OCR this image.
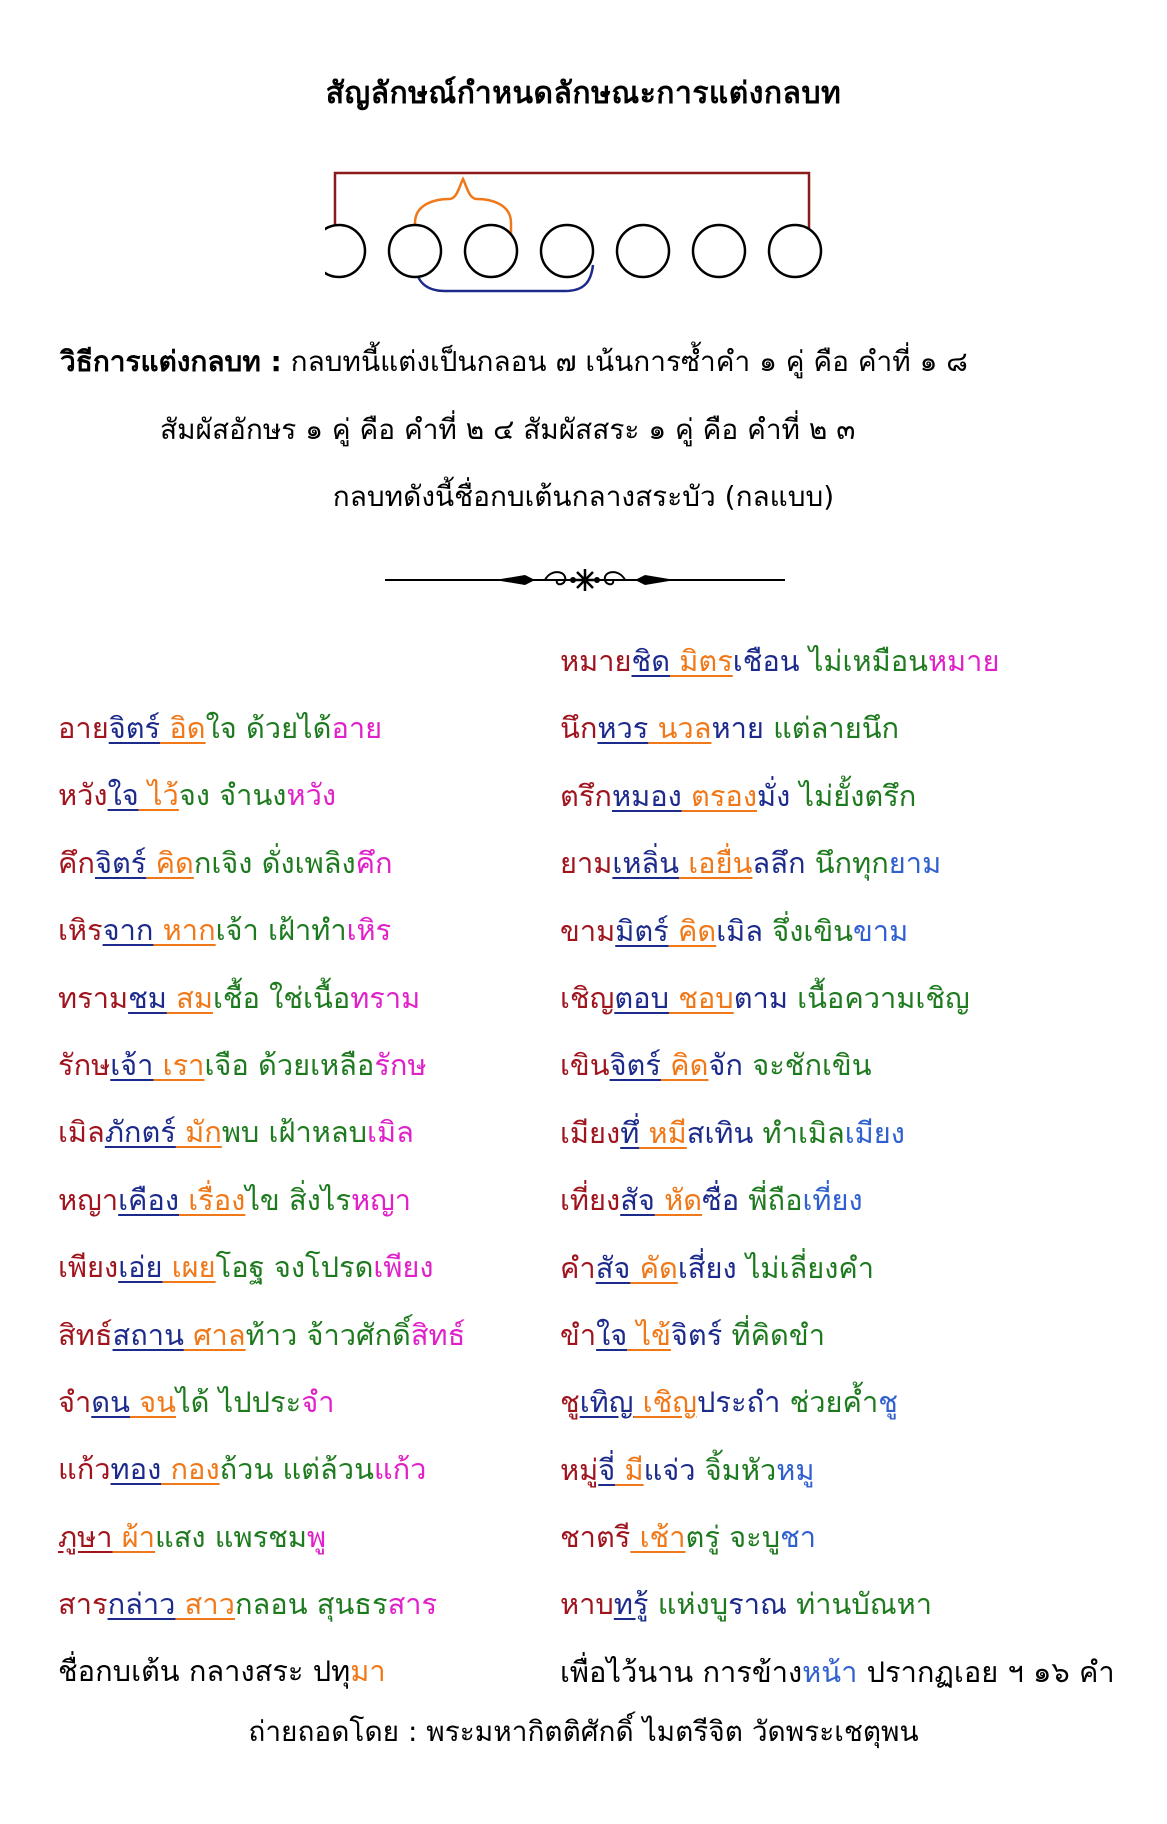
สัญลักษณ์กำหนดลักษณะการแต่งกลบท
วิธีการแต่งกลบท : กลบทนี้แต่งเป็นกลอน ๗ เน้นการซ้ำคำ ๑ คู่ คือ คำที่ ๑ ๘
สัมผัสอักษร ๑ คู่ คือ คำที่ ๒ ๔ สัมผัสสระ ๑ คู่ คือ คำที่ ๒ ๓
กลบทดังนี้ชื่อกบเต้นกลางสระบัว (กลแบบ)
อายจิตร์ อิดใจ ด้วยได้อาย
หวังใจ ไว้จง จำนงหวัง
คึกจิตร์ คิดกเจิง ดั่งเพลิงคึก
เหิรจาก หากเจ้า เฝ้าทำเหิร
ทรามชม สมเชื้อ ใช่เนื้อทราม
รักษเจ้า เราเจือ ด้วยเหลือรักษ
เมิลภักตร์ มักพบ เฝ้าหลบเมิล
หญาเคือง เรื่องไข สิ่งไรหญา
เพียงเอ่ย เผยโอฐ จงโปรดเพียง
สิทธ์สถาน ศาลท้าว จ้าวศักดิ์สิทธ์
จำดน จนได้ ไปประจำ
แก้วทอง กองถ้วน แต่ล้วนแก้ว
ภูษา ผ้าแสง แพรชมพู
สารกล่าว สาวกลอน สุนธรสาร
ชื่อกบเต้น กลางสระ ปทุมา
หมายชิด มิตรเชือน ไม่เหมือนหมาย
นึกหวร นวลหาย แต่ลายนึก
ตรึกหมอง ตรองมั่ง ไม่ยั้งตรึก
ยามเหลิ่น เอยื่นลลึก นึกทุกยาม
ขามมิตร์ คิดเมิล จึ่งเขินขาม
เชิญตอบ ชอบตาม เนื้อความเชิญ
เขินจิตร์ คิดจัก จะชักเขิน
เมียงทึ่ หมีสเทิน ทำเมิลเมียง
เที่ยงสัจ หัดซื่อ พี่ถือเที่ยง
คำสัจ คัดเสี่ยง ไม่เลี่ยงคำ
ขำใจ ไข้จิตร์ ที่คิดขำ
ชูเทิญ เชิญประถำ ช่วยค้ำชู
หมู่จี่ มีแจ่ว จิ้มหัวหมู
ชาตรี เช้าตรู่ จะบูชา
หาบทรู้ แห่งบูราณ ท่านบัณหา
เพื่อไว้นาน การข้างหน้า ปรากฏเอย ฯ ๑๖ คำ
ถ่ายถอดโดย : พระมหากิตติศักดิ์ ไมตรีจิต วัดพระเชตุพน
